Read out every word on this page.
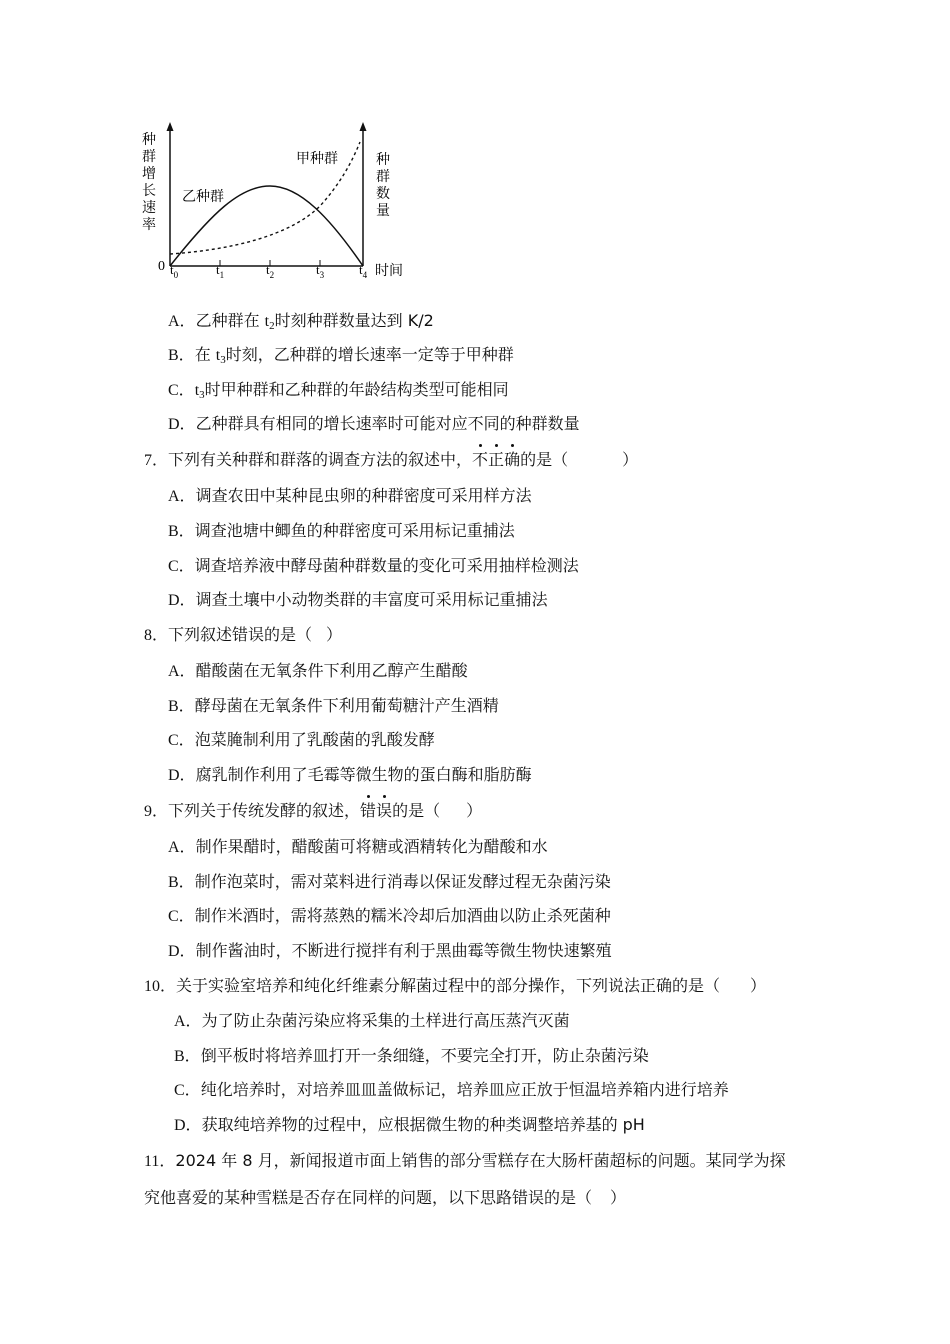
种
群
增
长
速
率
种
群
数
量
0
乙种群
甲种群
$t_0$	$t_1$	$t_2$	$t_3$	$t_4$ 时间
A．乙种群在 $t_2$时刻种群数量达到 K/2
B．在 $t_3$时刻，乙种群的增长速率一定等于甲种群
C．$t_3$时甲种群和乙种群的年龄结构类型可能相同
D．乙种群具有相同的增长速率时可能对应不同的种群数量
7．下列有关种群和群落的调查方法的叙述中，不正确的是（	）
A．调查农田中某种昆虫卵的种群密度可采用样方法
B．调查池塘中鲫鱼的种群密度可采用标记重捕法
C．调查培养液中酵母菌种群数量的变化可采用抽样检测法
D．调查土壤中小动物类群的丰富度可采用标记重捕法
8．下列叙述错误的是（ ）
A．醋酸菌在无氧条件下利用乙醇产生醋酸
B．酵母菌在无氧条件下利用葡萄糖汁产生酒精
C．泡菜腌制利用了乳酸菌的乳酸发酵
D．腐乳制作利用了毛霉等微生物的蛋白酶和脂肪酶
9．下列关于传统发酵的叙述，错误的是（ ）
A．制作果醋时，醋酸菌可将糖或酒精转化为醋酸和水
B．制作泡菜时，需对菜料进行消毒以保证发酵过程无杂菌污染
C．制作米酒时，需将蒸熟的糯米冷却后加酒曲以防止杀死菌种
D．制作酱油时，不断进行搅拌有利于黑曲霉等微生物快速繁殖
10．关于实验室培养和纯化纤维素分解菌过程中的部分操作，下列说法正确的是（ ）
A．为了防止杂菌污染应将采集的土样进行高压蒸汽灭菌
B．倒平板时将培养皿打开一条细缝，不要完全打开，防止杂菌污染
C．纯化培养时，对培养皿皿盖做标记，培养皿应正放于恒温培养箱内进行培养
D．获取纯培养物的过程中，应根据微生物的种类调整培养基的 pH
11．2024 年 8 月，新闻报道市面上销售的部分雪糕存在大肠杆菌超标的问题。某同学为探
究他喜爱的某种雪糕是否存在同样的问题，以下思路错误的是（ ）
